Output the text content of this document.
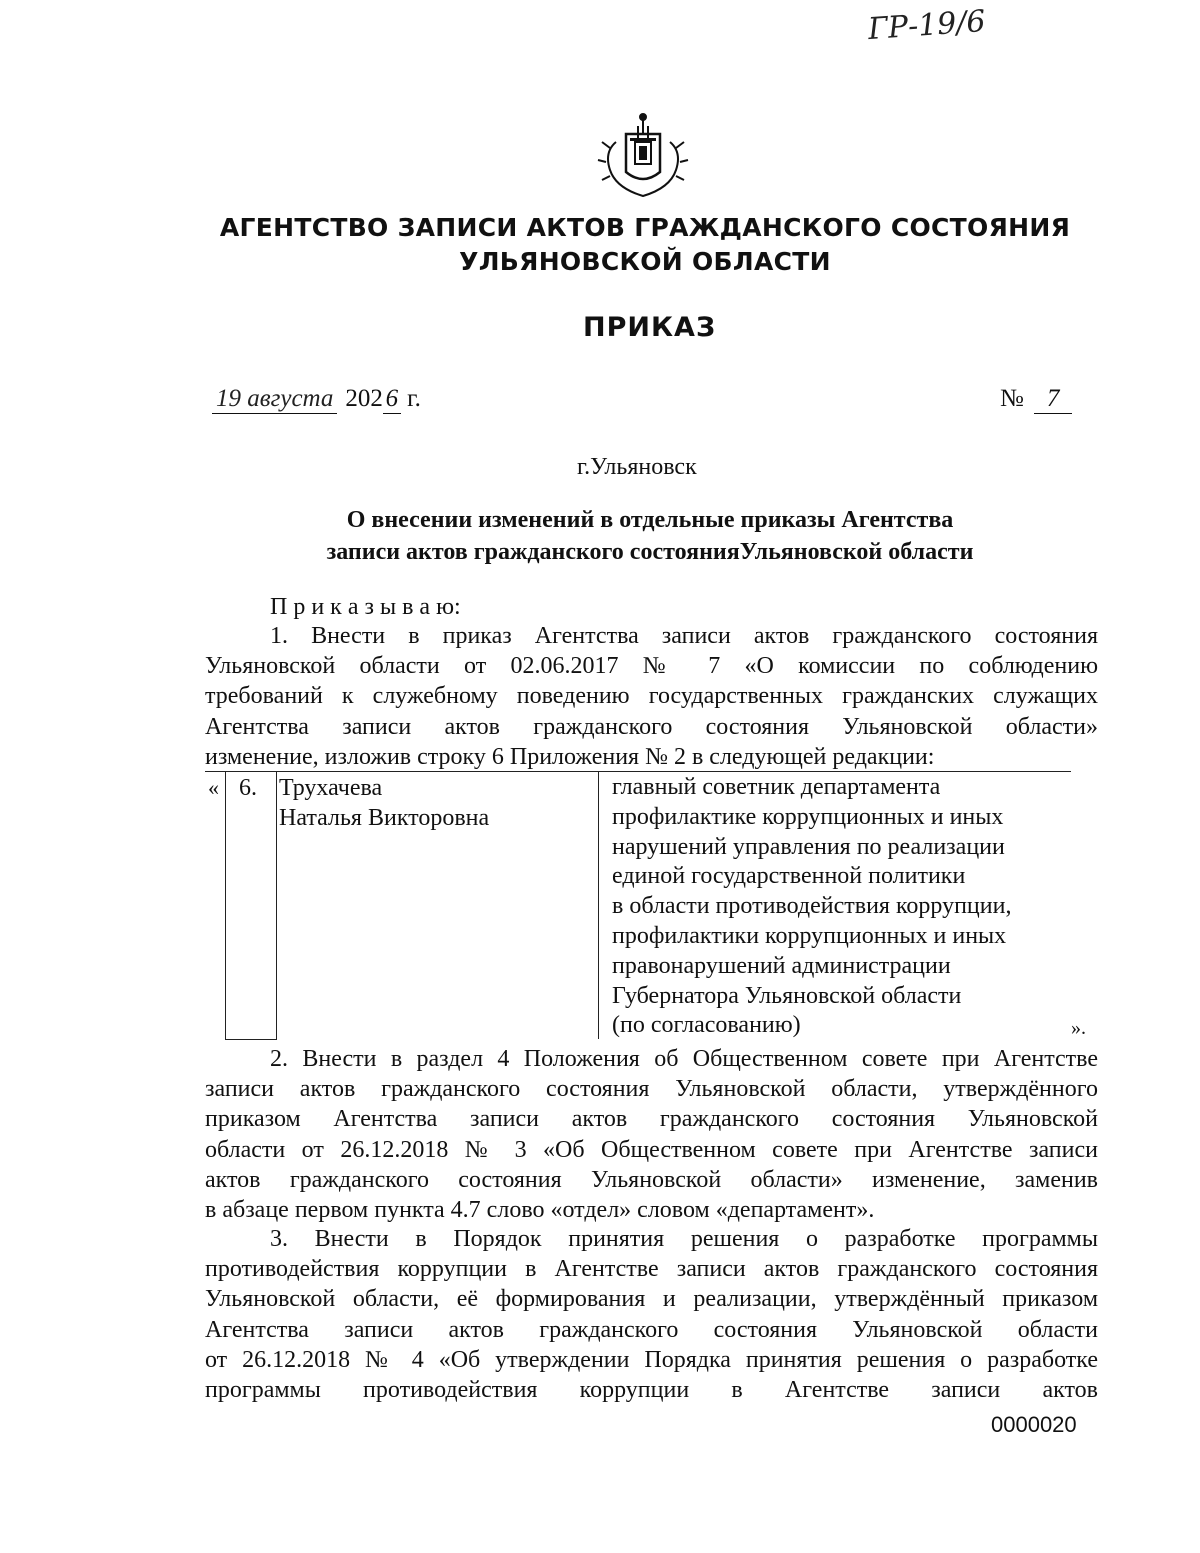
ГР-19/6
АГЕНТСТВО ЗАПИСИ АКТОВ ГРАЖДАНСКОГО СОСТОЯНИЯ
УЛЬЯНОВСКОЙ ОБЛАСТИ
ПРИКАЗ
19 августа 202 6 г.	№ 7
г.Ульяновск
О внесении изменений в отдельные приказы Агентства
записи актов гражданского состоянияУльяновской области
П р и к а з ы в а ю:
1. Внести в приказ Агентства записи актов гражданского состояния
Ульяновской области от 02.06.2017 № 7 «О комиссии по соблюдению
требований к служебному поведению государственных гражданских служащих
Агентства записи актов гражданского состояния Ульяновской области»
изменение, изложив строку 6 Приложения № 2 в следующей редакции:
« 6. Трухачева
Наталья Викторовна
главный советник департамента
профилактике коррупционных и иных
нарушений управления по реализации
единой государственной политики
в области противодействия коррупции,
профилактики коррупционных и иных
правонарушений администрации
Губернатора Ульяновской области
(по согласованию)	».
2. Внести в раздел 4 Положения об Общественном совете при Агентстве
записи актов гражданского состояния Ульяновской области, утверждённого
приказом Агентства записи актов гражданского состояния Ульяновской
области от 26.12.2018 № 3 «Об Общественном совете при Агентстве записи
актов гражданского состояния Ульяновской области» изменение, заменив
в абзаце первом пункта 4.7 слово «отдел» словом «департамент».
3. Внести в Порядок принятия решения о разработке программы
противодействия коррупции в Агентстве записи актов гражданского состояния
Ульяновской области, её формирования и реализации, утверждённый приказом
Агентства записи актов гражданского состояния Ульяновской области
от 26.12.2018 № 4 «Об утверждении Порядка принятия решения о разработке
программы противодействия коррупции в Агентстве записи актов
0000020
